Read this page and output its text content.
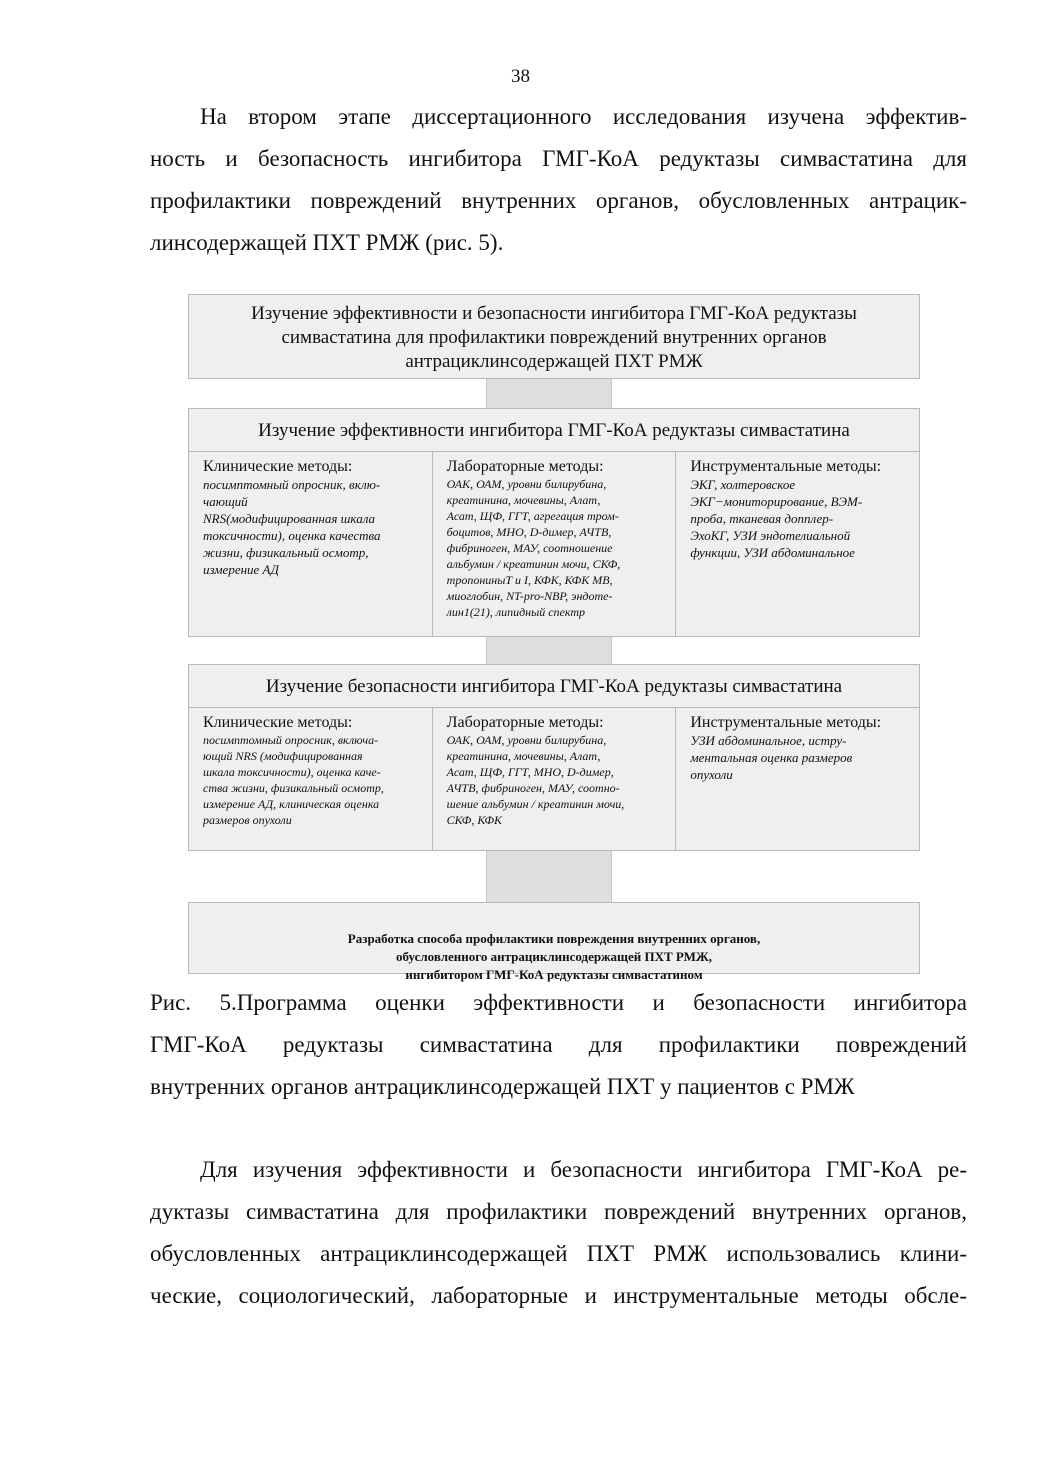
38

На втором этапе диссертационного исследования изучена эффектив-
ность и безопасность ингибитора ГМГ-КоА редуктазы симвастатина для
профилактики повреждений внутренних органов, обусловленных антрацик-
линсодержащей ПХТ РМЖ (рис. 5).

Изучение эффективности и безопасности ингибитора ГМГ-КоА редуктазы
симвастатина для профилактики повреждений внутренних органов
антрациклинсодержащей ПХТ РМЖ
Изучение эффективности ингибитора ГМГ-КоА редуктазы симвастатина
Клинические методы:
посимптомный опросник, вклю-
чающий
NRS(модифицированная шкала
токсичности), оценка качества
жизни, физикальный осмотр,
измерение АД
Лабораторные методы:
ОАК, ОАМ, уровни билирубина,
креатинина, мочевины, Алат,
Асат, ЩФ, ГГТ, агрегация тром-
боцитов, МНО, D-димер, АЧТВ,
фибриноген, МАУ, соотношение
альбумин / креатинин мочи, СКФ,
тропониныТ и I, КФК, КФК МВ,
миоглобин, NT-pro-NBP, эндоте-
лин1(21), липидный спектр
Инструментальные методы:
ЭКГ, холтеровское
ЭКГ−мониторирование, ВЭМ-
проба, тканевая допплер-
ЭхоКГ, УЗИ эндотелиальной
функции, УЗИ абдоминальное
Изучение безопасности ингибитора ГМГ-КоА редуктазы симвастатина
Клинические методы:
посимптомный опросник, включа-
ющий NRS (модифицированная
шкала токсичности), оценка каче-
ства жизни, физикальный осмотр,
измерение АД, клиническая оценка
размеров опухоли
Лабораторные методы:
ОАК, ОАМ, уровни билирубина,
креатинина, мочевины, Алат,
Асат, ЩФ, ГГТ, МНО, D-димер,
АЧТВ, фибриноген, МАУ, соотно-
шение альбумин / креатинин мочи,
СКФ, КФК
Инструментальные методы:
УЗИ абдоминальное, истру-
ментальная оценка размеров
опухоли

Разработка способа профилактики повреждения внутренних органов,
обусловленного антрациклинсодержащей ПХТ РМЖ,
ингибитором ГМГ-КоА редуктазы симвастатином

Рис. 5.Программа оценки эффективности и безопасности ингибитора
ГМГ-КоА редуктазы симвастатина для профилактики повреждений
внутренних органов антрациклинсодержащей ПХТ у пациентов с РМЖ

Для изучения эффективности и безопасности ингибитора ГМГ-КоА ре-
дуктазы симвастатина для профилактики повреждений внутренних органов,
обусловленных антрациклинсодержащей ПХТ РМЖ использовались клини-
ческие, социологический, лабораторные и инструментальные методы обсле-
